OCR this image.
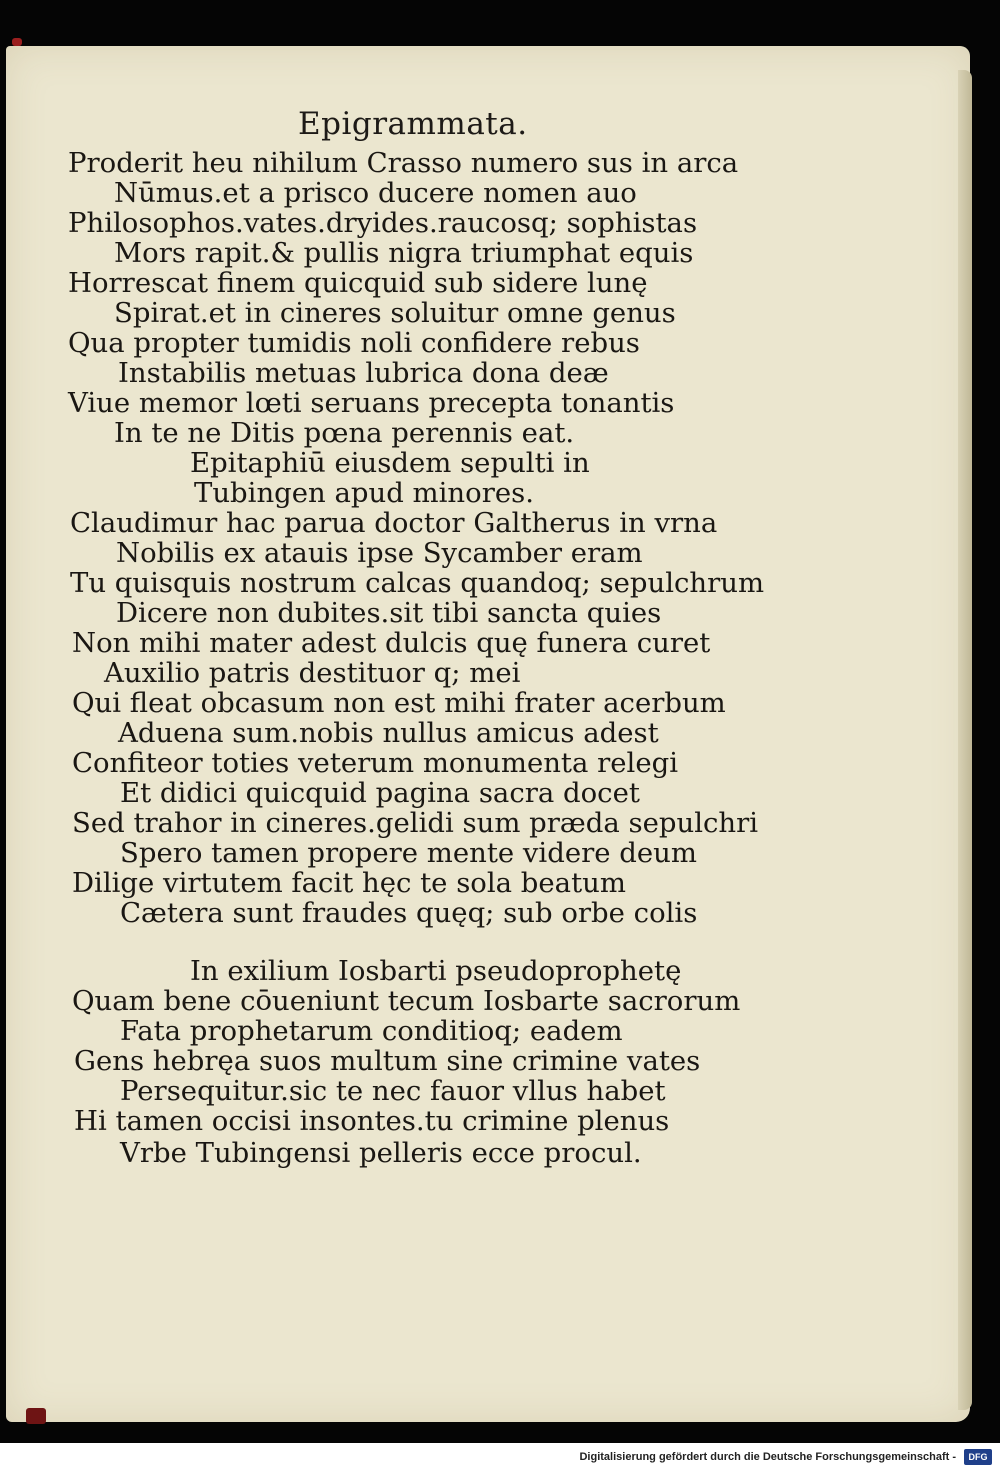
Epigrammata.
Proderit heu nihilum Crasso numero sus in arca
Nūmus.et a prisco ducere nomen auo
Philosophos.vates.dryides.raucosq; sophistas
Mors rapit.& pullis nigra triumphat equis
Horrescat finem quicquid sub sidere lunę
Spirat.et in cineres soluitur omne genus
Qua propter tumidis noli confidere rebus
Instabilis metuas lubrica dona deæ
Viue memor lœti seruans precepta tonantis
In te ne Ditis pœna perennis eat.
Epitaphiū eiusdem sepulti in
Tubingen apud minores.
Claudimur hac parua doctor Galtherus in vrna
Nobilis ex atauis ipse Sycamber eram
Tu quisquis nostrum calcas quandoq; sepulchrum
Dicere non dubites.sit tibi sancta quies
Non mihi mater adest dulcis quę funera curet
Auxilio patris destituor q; mei
Qui fleat obcasum non est mihi frater acerbum
Aduena sum.nobis nullus amicus adest
Confiteor toties veterum monumenta relegi
Et didici quicquid pagina sacra docet
Sed trahor in cineres.gelidi sum præda sepulchri
Spero tamen propere mente videre deum
Dilige virtutem facit hęc te sola beatum
Cætera sunt fraudes quęq; sub orbe colis
In exilium Iosbarti pseudoprophetę
Quam bene cōueniunt tecum Iosbarte sacrorum
Fata prophetarum conditioq; eadem
Gens hebręa suos multum sine crimine vates
Persequitur.sic te nec fauor vllus habet
Hi tamen occisi insontes.tu crimine plenus
Vrbe Tubingensi pelleris ecce procul.
Digitalisierung gefördert durch die Deutsche Forschungsgemeinschaft -	DFG
